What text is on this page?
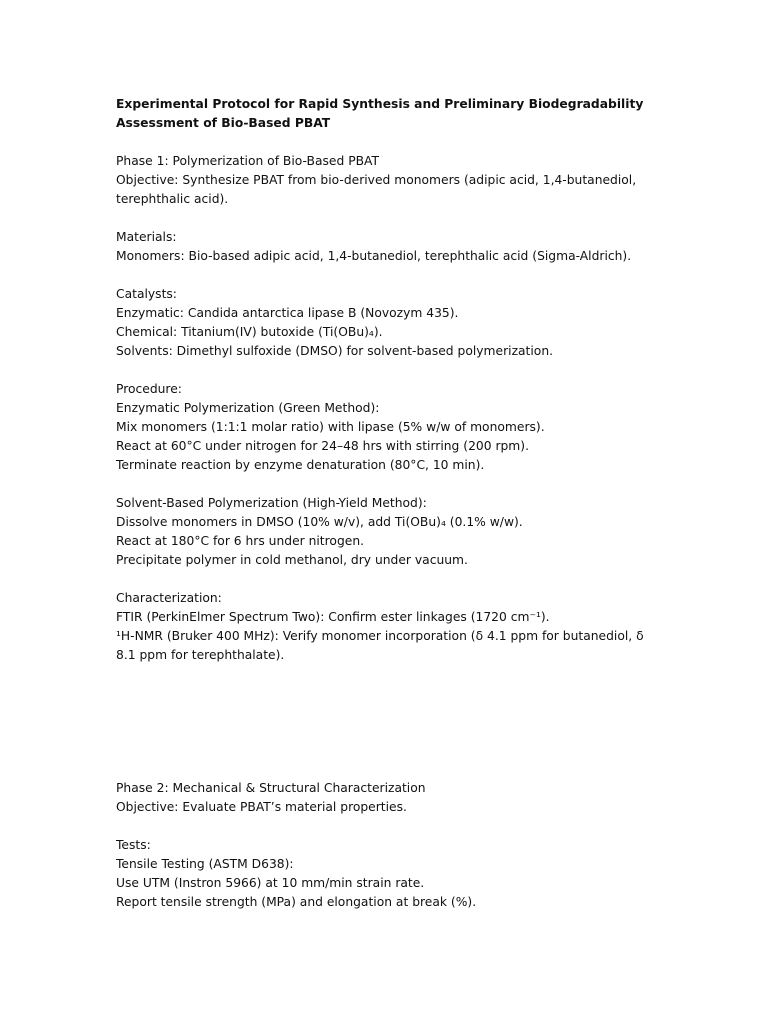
Experimental Protocol for Rapid Synthesis and Preliminary Biodegradability Assessment of Bio-Based PBAT
Phase 1: Polymerization of Bio-Based PBAT
Objective: Synthesize PBAT from bio-derived monomers (adipic acid, 1,4-butanediol, terephthalic acid).
Materials:
Monomers: Bio-based adipic acid, 1,4-butanediol, terephthalic acid (Sigma-Aldrich).
Catalysts:
Enzymatic: Candida antarctica lipase B (Novozym 435).
Chemical: Titanium(IV) butoxide (Ti(OBu)₄).
Solvents: Dimethyl sulfoxide (DMSO) for solvent-based polymerization.
Procedure:
Enzymatic Polymerization (Green Method):
Mix monomers (1:1:1 molar ratio) with lipase (5% w/w of monomers).
React at 60°C under nitrogen for 24–48 hrs with stirring (200 rpm).
Terminate reaction by enzyme denaturation (80°C, 10 min).
Solvent-Based Polymerization (High-Yield Method):
Dissolve monomers in DMSO (10% w/v), add Ti(OBu)₄ (0.1% w/w).
React at 180°C for 6 hrs under nitrogen.
Precipitate polymer in cold methanol, dry under vacuum.
Characterization:
FTIR (PerkinElmer Spectrum Two): Confirm ester linkages (1720 cm⁻¹).
¹H-NMR (Bruker 400 MHz): Verify monomer incorporation (δ 4.1 ppm for butanediol, δ 8.1 ppm for terephthalate).
Phase 2: Mechanical & Structural Characterization
Objective: Evaluate PBAT’s material properties.
Tests:
Tensile Testing (ASTM D638):
Use UTM (Instron 5966) at 10 mm/min strain rate.
Report tensile strength (MPa) and elongation at break (%).
